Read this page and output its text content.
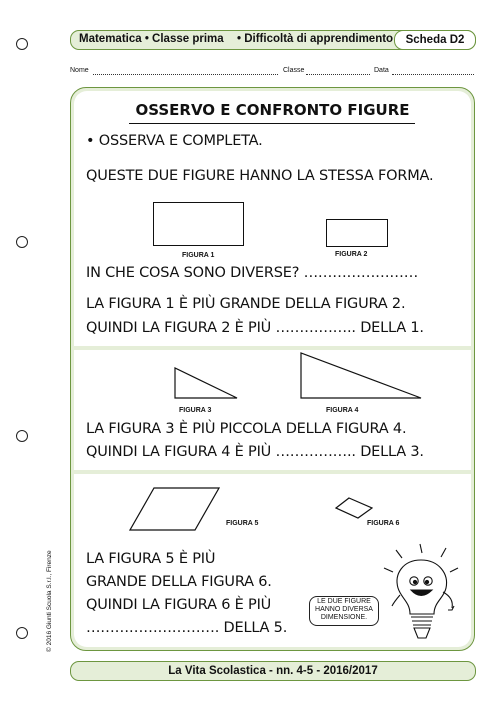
Matematica • Classe prima • Difficoltà di apprendimento	Scheda D2
Nome	Classe	Data
OSSERVO E CONFRONTO FIGURE
• OSSERVA E COMPLETA.
QUESTE DUE FIGURE HANNO LA STESSA FORMA.
FIGURA 1	FIGURA 2
IN CHE COSA SONO DIVERSE? ……………………
LA FIGURA 1 È PIÙ GRANDE DELLA FIGURA 2.
QUINDI LA FIGURA 2 È PIÙ …………….. DELLA 1.
FIGURA 3	FIGURA 4
LA FIGURA 3 È PIÙ PICCOLA DELLA FIGURA 4.
QUINDI LA FIGURA 4 È PIÙ …………….. DELLA 3.
FIGURA 5	FIGURA 6
LA FIGURA 5 È PIÙ
GRANDE DELLA FIGURA 6.
QUINDI LA FIGURA 6 È PIÙ
………………………. DELLA 5.
LE DUE FIGURE
HANNO DIVERSA
DIMENSIONE.
© 2016 Giunti Scuola S.r.l., Firenze
La Vita Scolastica - nn. 4-5 - 2016/2017
